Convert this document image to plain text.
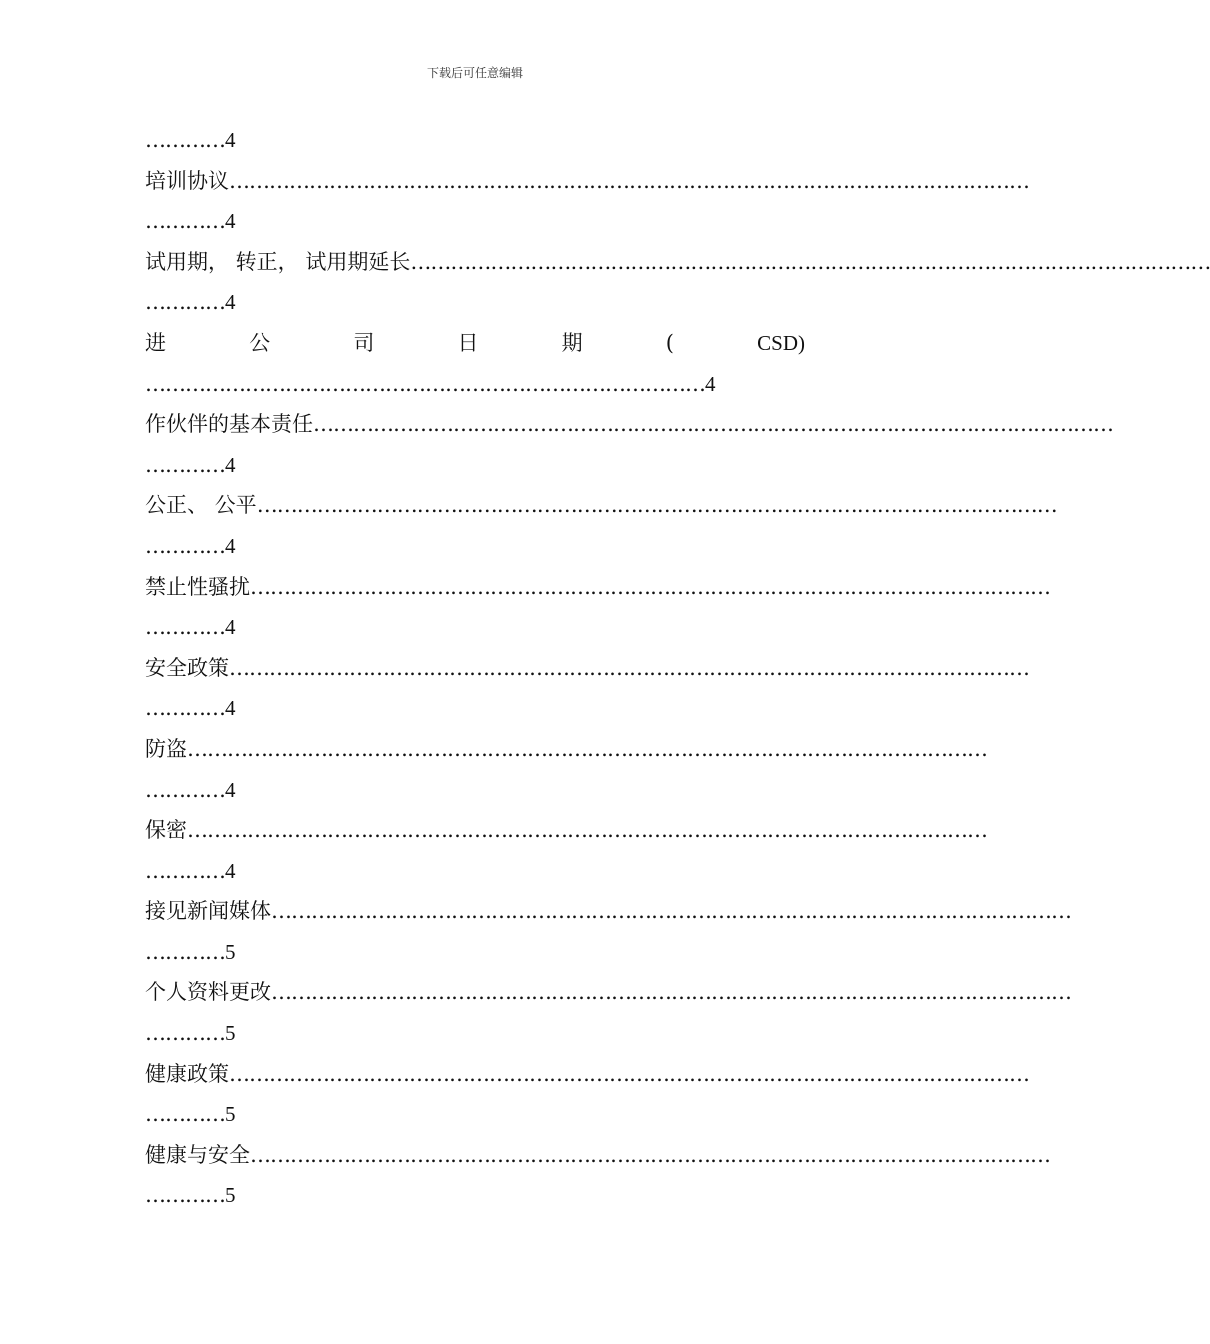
下载后可任意编辑
………… 4
培训协议 …………………………………………………………………………………………………………
………… 4
试用期， 转正， 试用期延长 …………………………………………………………………………………………………………
………… 4
进	公	司	日	期	(	CSD)
………………………………………………………………………… 4
作伙伴的基本责任 …………………………………………………………………………………………………………
………… 4
公正、 公平 …………………………………………………………………………………………………………
………… 4
禁止性骚扰 …………………………………………………………………………………………………………
………… 4
安全政策 …………………………………………………………………………………………………………
………… 4
防盗 …………………………………………………………………………………………………………
………… 4
保密 …………………………………………………………………………………………………………
………… 4
接见新闻媒体 …………………………………………………………………………………………………………
………… 5
个人资料更改 …………………………………………………………………………………………………………
………… 5
健康政策 …………………………………………………………………………………………………………
………… 5
健康与安全 …………………………………………………………………………………………………………
………… 5
